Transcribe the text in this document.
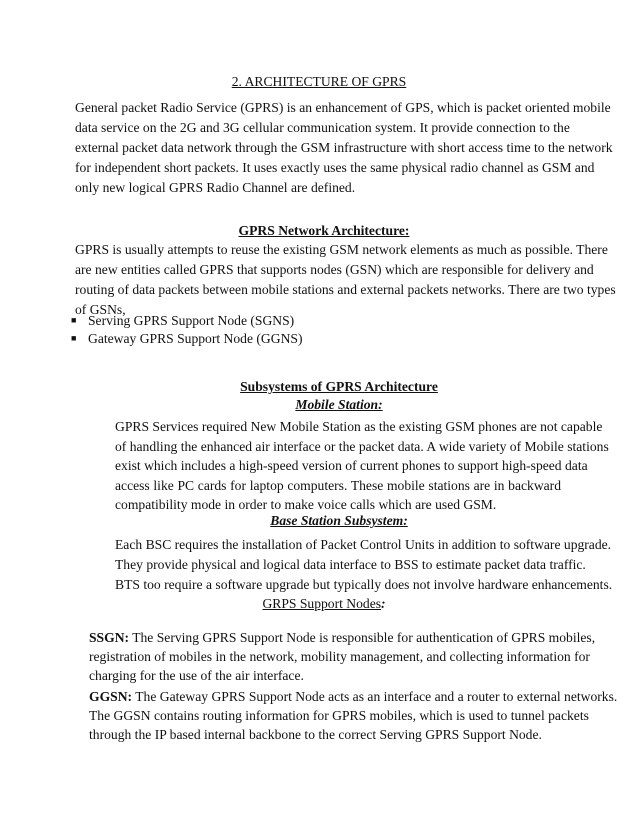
2. ARCHITECTURE OF GPRS

General packet Radio Service (GPRS) is an enhancement of GPS, which is packet oriented mobile
data service on the 2G and 3G cellular communication system. It provide connection to the
external packet data network through the GSM infrastructure with short access time to the network
for independent short packets. It uses exactly uses the same physical radio channel as GSM and
only new logical GPRS Radio Channel are defined.

GPRS Network Architecture:

GPRS is usually attempts to reuse the existing GSM network elements as much as possible. There
are new entities called GPRS that supports nodes (GSN) which are responsible for delivery and
routing of data packets between mobile stations and external packets networks. There are two types
of GSNs,

■ Serving GPRS Support Node (SGNS)

■ Gateway GPRS Support Node (GGNS)

Subsystems of GPRS Architecture

Mobile Station:

GPRS Services required New Mobile Station as the existing GSM phones are not capable
of handling the enhanced air interface or the packet data. A wide variety of Mobile stations
exist which includes a high-speed version of current phones to support high-speed data
access like PC cards for laptop computers. These mobile stations are in backward
compatibility mode in order to make voice calls which are used GSM.

Base Station Subsystem:

Each BSC requires the installation of Packet Control Units in addition to software upgrade.
They provide physical and logical data interface to BSS to estimate packet data traffic.
BTS too require a software upgrade but typically does not involve hardware enhancements.

GRPS Support Nodes:

SSGN: The Serving GPRS Support Node is responsible for authentication of GPRS mobiles,
registration of mobiles in the network, mobility management, and collecting information for
charging for the use of the air interface.
GGSN: The Gateway GPRS Support Node acts as an interface and a router to external networks.
The GGSN contains routing information for GPRS mobiles, which is used to tunnel packets
through the IP based internal backbone to the correct Serving GPRS Support Node.
